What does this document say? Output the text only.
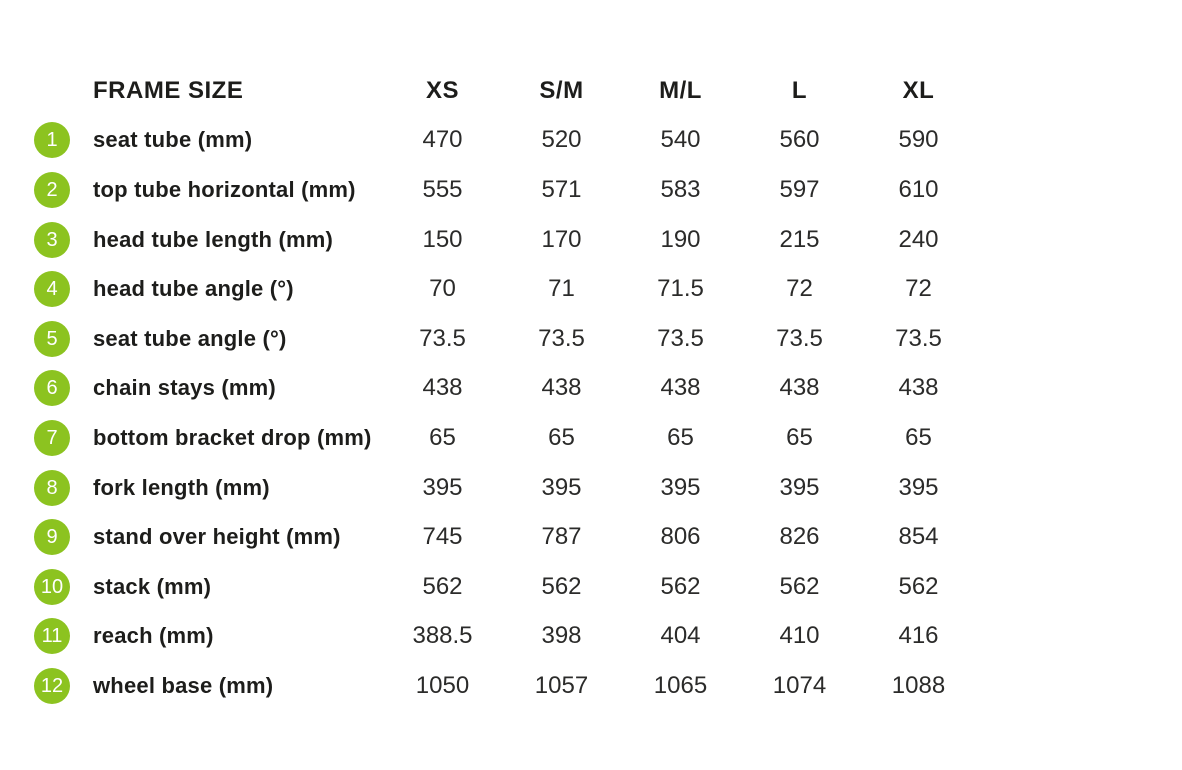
FRAME SIZE	XS	S/M	M/L	L	XL
1	seat tube (mm)	470	520	540	560	590
2	top tube horizontal (mm)	555	571	583	597	610
3	head tube length (mm)	150	170	190	215	240
4	head tube angle (°)	70	71	71.5	72	72
5	seat tube angle (°)	73.5	73.5	73.5	73.5	73.5
6	chain stays (mm)	438	438	438	438	438
7	bottom bracket drop (mm)	65	65	65	65	65
8	fork length (mm)	395	395	395	395	395
9	stand over height (mm)	745	787	806	826	854
10	stack (mm)	562	562	562	562	562
11	reach (mm)	388.5	398	404	410	416
12	wheel base (mm)	1050	1057	1065	1074	1088
